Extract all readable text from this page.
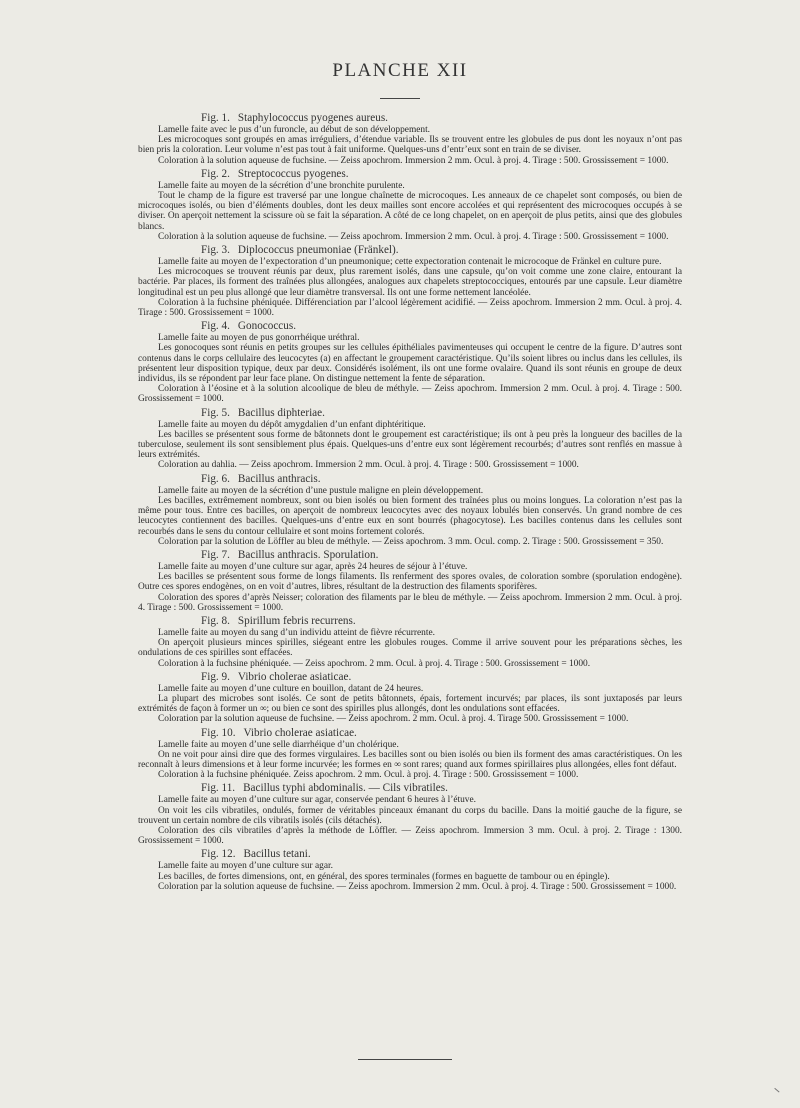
PLANCHE XII
Fig. 1. Staphylococcus pyogenes aureus.
Lamelle faite avec le pus d’un furoncle, au début de son développement.
Les microcoques sont groupés en amas irréguliers, d’étendue variable. Ils se trouvent entre les globules de pus dont les noyaux n’ont pas bien pris la coloration. Leur volume n’est pas tout à fait uniforme. Quelques-uns d’entr’eux sont en train de se diviser.
Coloration à la solution aqueuse de fuchsine. — Zeiss apochrom. Immersion 2 mm. Ocul. à proj. 4. Tirage : 500. Grossissement = 1000.
Fig. 2. Streptococcus pyogenes.
Lamelle faite au moyen de la sécrétion d’une bronchite purulente.
Tout le champ de la figure est traversé par une longue chaînette de microcoques. Les anneaux de ce chapelet sont composés, ou bien de microcoques isolés, ou bien d’éléments doubles, dont les deux mailles sont encore accolées et qui représentent des microcoques occupés à se diviser. On aperçoit nettement la scissure où se fait la séparation. A côté de ce long chapelet, on en aperçoit de plus petits, ainsi que des globules blancs.
Coloration à la solution aqueuse de fuchsine. — Zeiss apochrom. Immersion 2 mm. Ocul. à proj. 4. Tirage : 500. Grossissement = 1000.
Fig. 3. Diplococcus pneumoniae (Fränkel).
Lamelle faite au moyen de l’expectoration d’un pneumonique; cette expectoration contenait le microcoque de Fränkel en culture pure.
Les microcoques se trouvent réunis par deux, plus rarement isolés, dans une capsule, qu’on voit comme une zone claire, entourant la bactérie. Par places, ils forment des traînées plus allongées, analogues aux chapelets streptococciques, entourés par une capsule. Leur diamètre longitudinal est un peu plus allongé que leur diamètre transversal. Ils ont une forme nettement lancéolée.
Coloration à la fuchsine phéniquée. Différenciation par l’alcool légèrement acidifié. — Zeiss apochrom. Immersion 2 mm. Ocul. à proj. 4. Tirage : 500. Grossissement = 1000.
Fig. 4. Gonococcus.
Lamelle faite au moyen de pus gonorrhéique uréthral.
Les gonocoques sont réunis en petits groupes sur les cellules épithéliales pavimenteuses qui occupent le centre de la figure. D’autres sont contenus dans le corps cellulaire des leucocytes (a) en affectant le groupement caractéristique. Qu’ils soient libres ou inclus dans les cellules, ils présentent leur disposition typique, deux par deux. Considérés isolément, ils ont une forme ovalaire. Quand ils sont réunis en groupe de deux individus, ils se répondent par leur face plane. On distingue nettement la fente de séparation.
Coloration à l’éosine et à la solution alcoolique de bleu de méthyle. — Zeiss apochrom. Immersion 2 mm. Ocul. à proj. 4. Tirage : 500. Grossissement = 1000.
Fig. 5. Bacillus diphteriae.
Lamelle faite au moyen du dépôt amygdalien d’un enfant diphtéritique.
Les bacilles se présentent sous forme de bâtonnets dont le groupement est caractéristique; ils ont à peu près la longueur des bacilles de la tuberculose, seulement ils sont sensiblement plus épais. Quelques-uns d’entre eux sont légèrement recourbés; d’autres sont renflés en massue à leurs extrémités.
Coloration au dahlia. — Zeiss apochrom. Immersion 2 mm. Ocul. à proj. 4. Tirage : 500. Grossissement = 1000.
Fig. 6. Bacillus anthracis.
Lamelle faite au moyen de la sécrétion d’une pustule maligne en plein développement.
Les bacilles, extrêmement nombreux, sont ou bien isolés ou bien forment des traînées plus ou moins longues. La coloration n’est pas la même pour tous. Entre ces bacilles, on aperçoit de nombreux leucocytes avec des noyaux lobulés bien conservés. Un grand nombre de ces leucocytes contiennent des bacilles. Quelques-uns d’entre eux en sont bourrés (phagocytose). Les bacilles contenus dans les cellules sont recourbés dans le sens du contour cellulaire et sont moins fortement colorés.
Coloration par la solution de Löffler au bleu de méthyle. — Zeiss apochrom. 3 mm. Ocul. comp. 2. Tirage : 500. Grossissement = 350.
Fig. 7. Bacillus anthracis. Sporulation.
Lamelle faite au moyen d’une culture sur agar, après 24 heures de séjour à l’étuve.
Les bacilles se présentent sous forme de longs filaments. Ils renferment des spores ovales, de coloration sombre (sporulation endogène). Outre ces spores endogènes, on en voit d’autres, libres, résultant de la destruction des filaments sporifères.
Coloration des spores d’après Neisser; coloration des filaments par le bleu de méthyle. — Zeiss apochrom. Immersion 2 mm. Ocul. à proj. 4. Tirage : 500. Grossissement = 1000.
Fig. 8. Spirillum febris recurrens.
Lamelle faite au moyen du sang d’un individu atteint de fièvre récurrente.
On aperçoit plusieurs minces spirilles, siégeant entre les globules rouges. Comme il arrive souvent pour les préparations sèches, les ondulations de ces spirilles sont effacées.
Coloration à la fuchsine phéniquée. — Zeiss apochrom. 2 mm. Ocul. à proj. 4. Tirage : 500. Grossissement = 1000.
Fig. 9. Vibrio cholerae asiaticae.
Lamelle faite au moyen d’une culture en bouillon, datant de 24 heures.
La plupart des microbes sont isolés. Ce sont de petits bâtonnets, épais, fortement incurvés; par places, ils sont juxtaposés par leurs extrémités de façon à former un ∞; ou bien ce sont des spirilles plus allongés, dont les ondulations sont effacées.
Coloration par la solution aqueuse de fuchsine. — Zeiss apochrom. 2 mm. Ocul. à proj. 4. Tirage 500. Grossissement = 1000.
Fig. 10. Vibrio cholerae asiaticae.
Lamelle faite au moyen d’une selle diarrhéique d’un cholérique.
On ne voit pour ainsi dire que des formes virgulaires. Les bacilles sont ou bien isolés ou bien ils forment des amas caractéristiques. On les reconnaît à leurs dimensions et à leur forme incurvée; les formes en ∞ sont rares; quand aux formes spirillaires plus allongées, elles font défaut.
Coloration à la fuchsine phéniquée. Zeiss apochrom. 2 mm. Ocul. à proj. 4. Tirage : 500. Grossissement = 1000.
Fig. 11. Bacillus typhi abdominalis. — Cils vibratiles.
Lamelle faite au moyen d’une culture sur agar, conservée pendant 6 heures à l’étuve.
On voit les cils vibratiles, ondulés, former de véritables pinceaux émanant du corps du bacille. Dans la moitié gauche de la figure, se trouvent un certain nombre de cils vibratils isolés (cils détachés).
Coloration des cils vibratiles d’après la méthode de Löffler. — Zeiss apochrom. Immersion 3 mm. Ocul. à proj. 2. Tirage : 1300. Grossissement = 1000.
Fig. 12. Bacillus tetani.
Lamelle faite au moyen d’une culture sur agar.
Les bacilles, de fortes dimensions, ont, en général, des spores terminales (formes en baguette de tambour ou en épingle).
Coloration par la solution aqueuse de fuchsine. — Zeiss apochrom. Immersion 2 mm. Ocul. à proj. 4. Tirage : 500. Grossissement = 1000.
